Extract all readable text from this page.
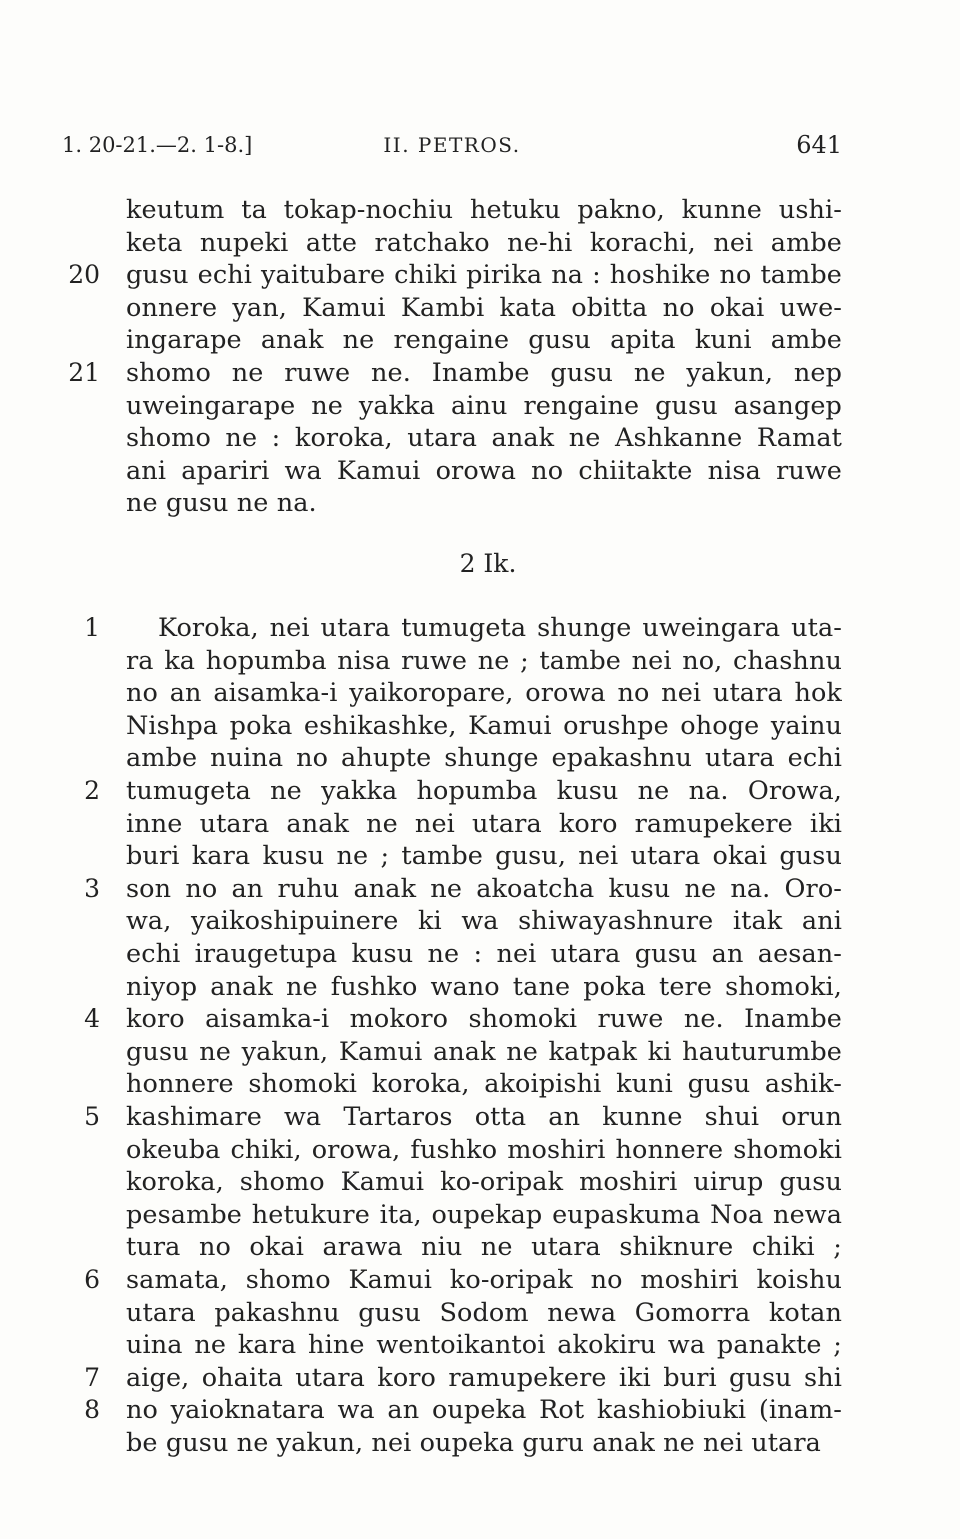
1. 20-21.—2. 1-8.]	II. PETROS.	641
keutum ta tokap-nochiu hetuku pakno, kunne ushi-
keta nupeki atte ratchako ne-hi korachi, nei ambe
20 gusu echi yaitubare chiki pirika na : hoshike no tambe
onnere yan, Kamui Kambi kata obitta no okai uwe-
ingarape anak ne rengaine gusu apita kuni ambe
21 shomo ne ruwe ne. Inambe gusu ne yakun, nep
uweingarape ne yakka ainu rengaine gusu asangep
shomo ne : koroka, utara anak ne Ashkanne Ramat
ani apariri wa Kamui orowa no chiitakte nisa ruwe
ne gusu ne na.
2 Ik.
1 Koroka, nei utara tumugeta shunge uweingara uta-
ra ka hopumba nisa ruwe ne ; tambe nei no, chashnu
no an aisamka-i yaikoropare, orowa no nei utara hok
Nishpa poka eshikashke, Kamui orushpe ohoge yainu
ambe nuina no ahupte shunge epakashnu utara echi
2 tumugeta ne yakka hopumba kusu ne na. Orowa,
inne utara anak ne nei utara koro ramupekere iki
buri kara kusu ne ; tambe gusu, nei utara okai gusu
3 son no an ruhu anak ne akoatcha kusu ne na. Oro-
wa, yaikoshipuinere ki wa shiwayashnure itak ani
echi iraugetupa kusu ne : nei utara gusu an aesan-
niyop anak ne fushko wano tane poka tere shomoki,
4 koro aisamka-i mokoro shomoki ruwe ne. Inambe
gusu ne yakun, Kamui anak ne katpak ki hauturumbe
honnere shomoki koroka, akoipishi kuni gusu ashik-
5 kashimare wa Tartaros otta an kunne shui orun
okeuba chiki, orowa, fushko moshiri honnere shomoki
koroka, shomo Kamui ko-oripak moshiri uirup gusu
pesambe hetukure ita, oupekap eupaskuma Noa newa
tura no okai arawa niu ne utara shiknure chiki ;
6 samata, shomo Kamui ko-oripak no moshiri koishu
utara pakashnu gusu Sodom newa Gomorra kotan
uina ne kara hine wentoikantoi akokiru wa panakte ;
7 aige, ohaita utara koro ramupekere iki buri gusu shi
8 no yaioknatara wa an oupeka Rot kashiobiuki (inam-
be gusu ne yakun, nei oupeka guru anak ne nei utara
